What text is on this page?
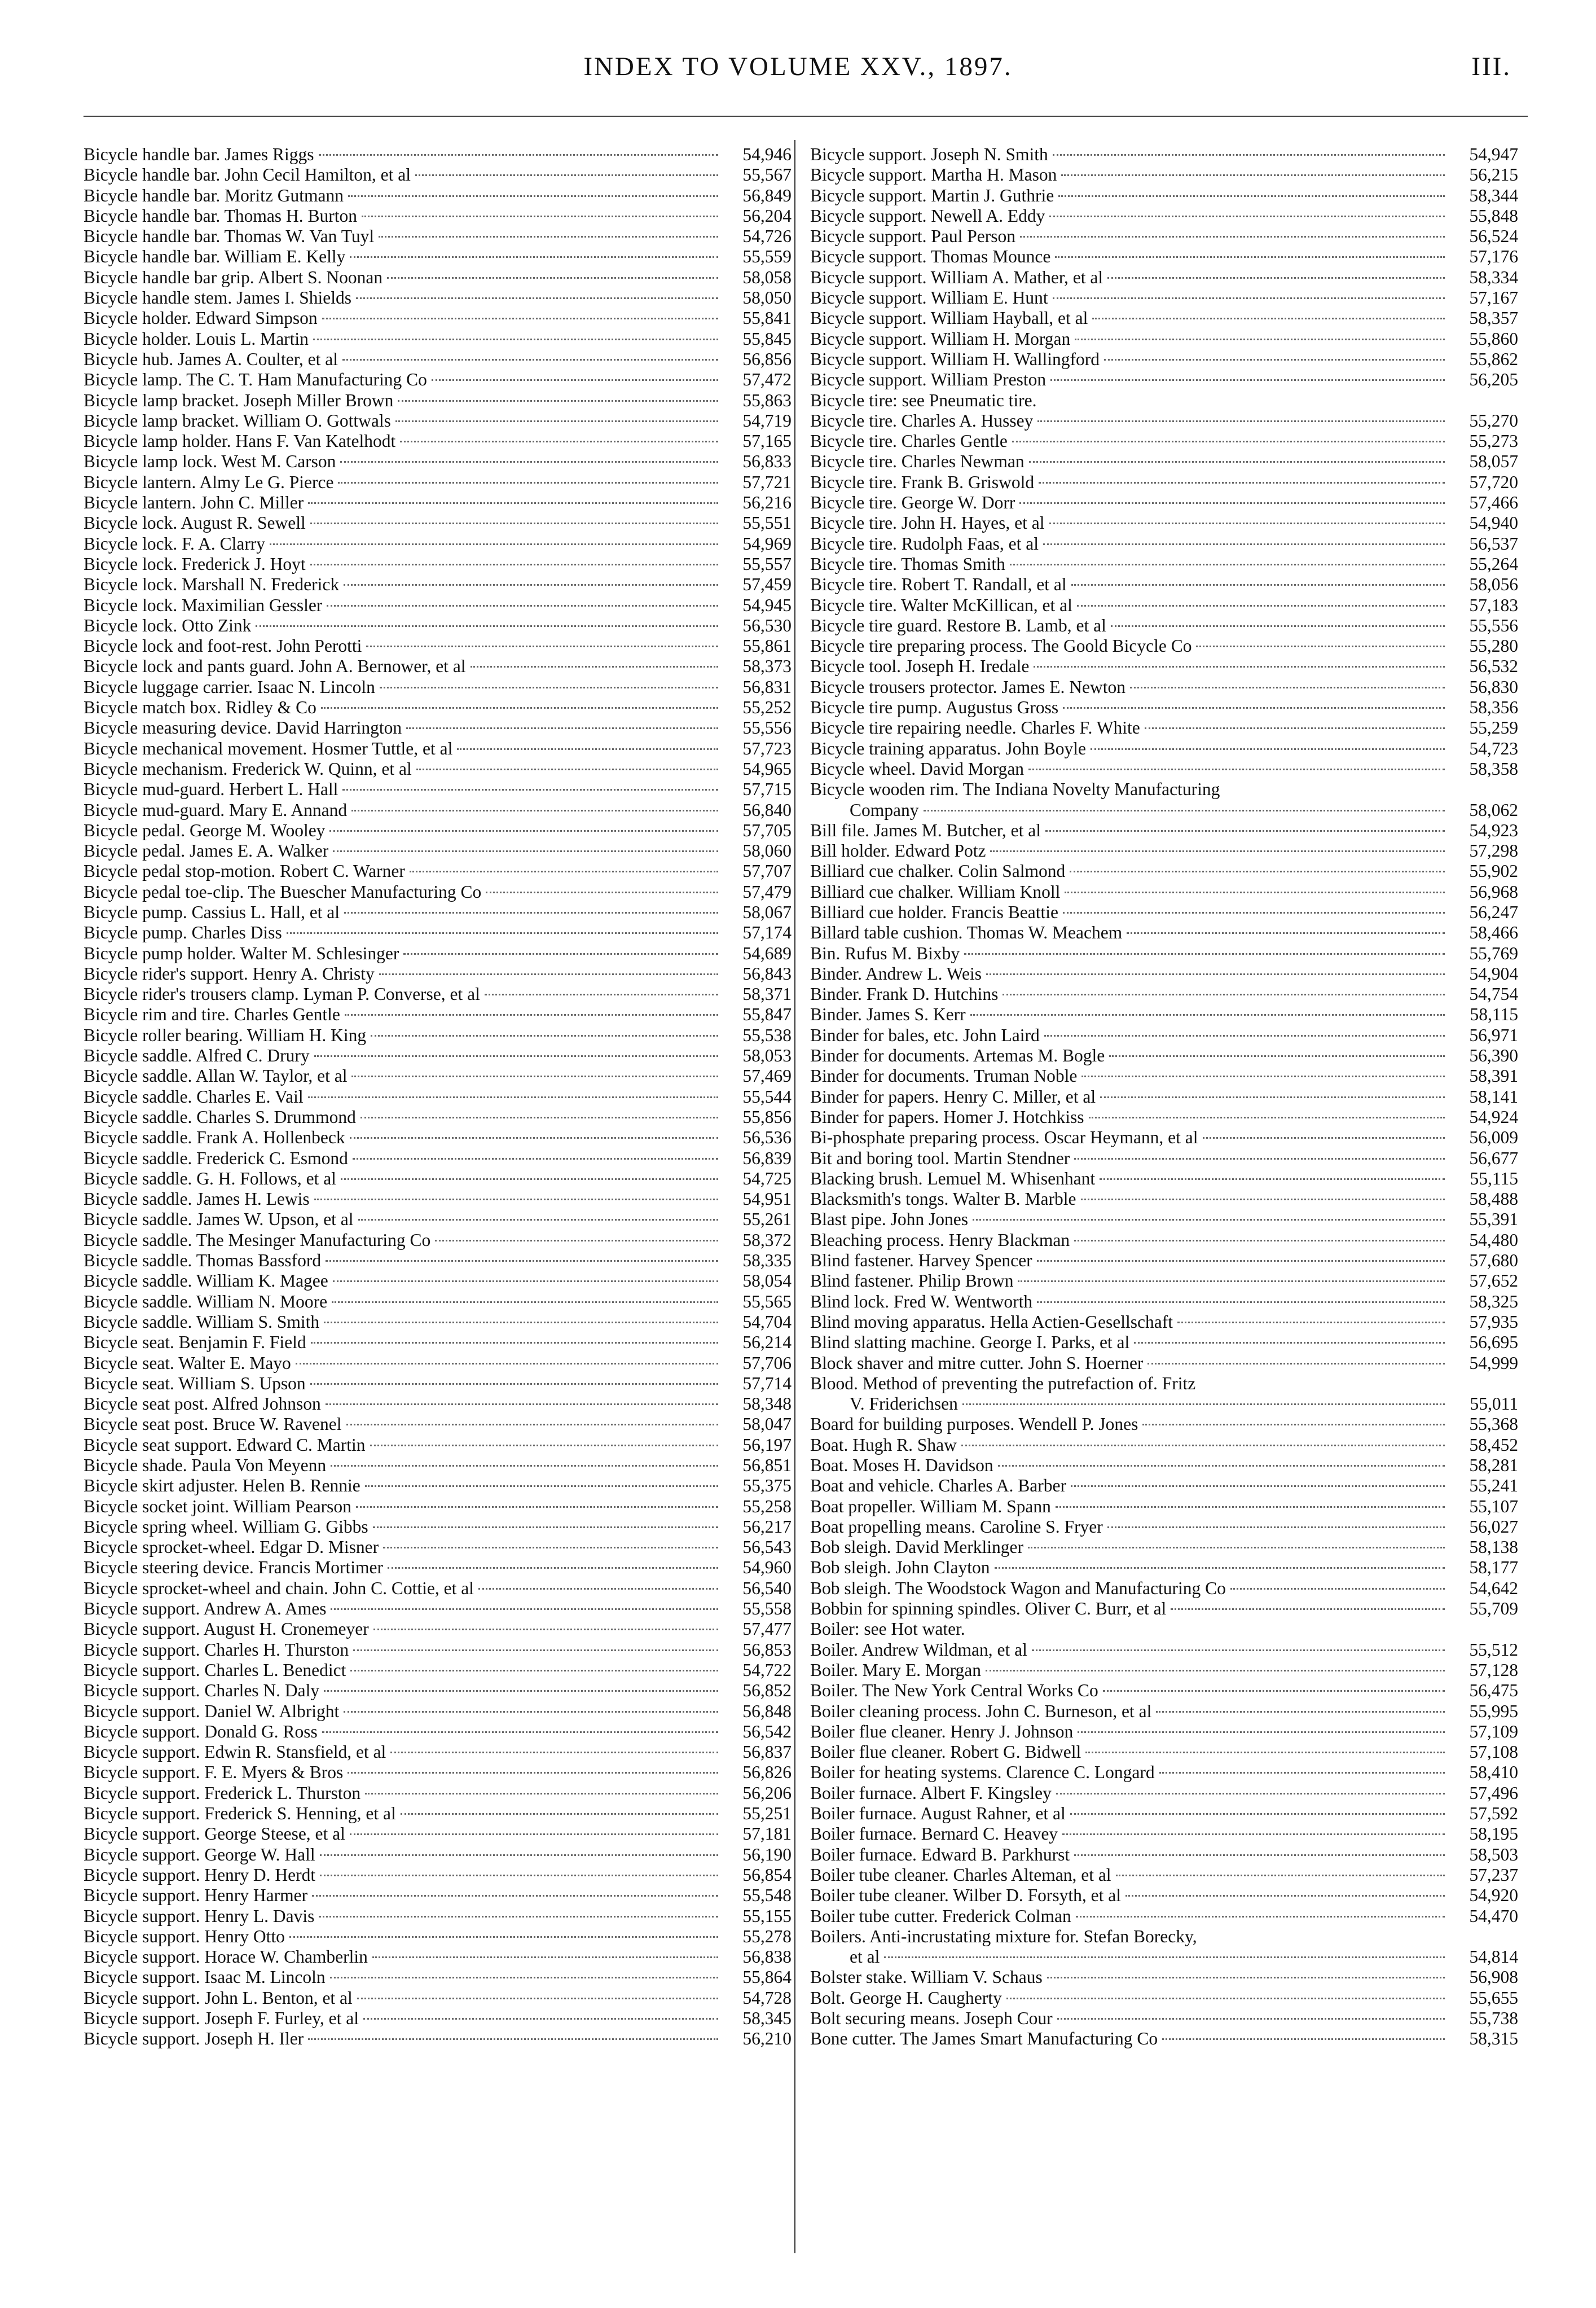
INDEX TO VOLUME XXV., 1897.	III.
Bicycle handle bar. James Riggs	54,946
Bicycle handle bar. John Cecil Hamilton, et al	55,567
Bicycle handle bar. Moritz Gutmann	56,849
Bicycle handle bar. Thomas H. Burton	56,204
Bicycle handle bar. Thomas W. Van Tuyl	54,726
Bicycle handle bar. William E. Kelly	55,559
Bicycle handle bar grip. Albert S. Noonan	58,058
Bicycle handle stem. James I. Shields	58,050
Bicycle holder. Edward Simpson	55,841
Bicycle holder. Louis L. Martin	55,845
Bicycle hub. James A. Coulter, et al	56,856
Bicycle lamp. The C. T. Ham Manufacturing Co	57,472
Bicycle lamp bracket. Joseph Miller Brown	55,863
Bicycle lamp bracket. William O. Gottwals	54,719
Bicycle lamp holder. Hans F. Van Katelhodt	57,165
Bicycle lamp lock. West M. Carson	56,833
Bicycle lantern. Almy Le G. Pierce	57,721
Bicycle lantern. John C. Miller	56,216
Bicycle lock. August R. Sewell	55,551
Bicycle lock. F. A. Clarry	54,969
Bicycle lock. Frederick J. Hoyt	55,557
Bicycle lock. Marshall N. Frederick	57,459
Bicycle lock. Maximilian Gessler	54,945
Bicycle lock. Otto Zink	56,530
Bicycle lock and foot-rest. John Perotti	55,861
Bicycle lock and pants guard. John A. Bernower, et al	58,373
Bicycle luggage carrier. Isaac N. Lincoln	56,831
Bicycle match box. Ridley & Co	55,252
Bicycle measuring device. David Harrington	55,556
Bicycle mechanical movement. Hosmer Tuttle, et al	57,723
Bicycle mechanism. Frederick W. Quinn, et al	54,965
Bicycle mud-guard. Herbert L. Hall	57,715
Bicycle mud-guard. Mary E. Annand	56,840
Bicycle pedal. George M. Wooley	57,705
Bicycle pedal. James E. A. Walker	58,060
Bicycle pedal stop-motion. Robert C. Warner	57,707
Bicycle pedal toe-clip. The Buescher Manufacturing Co	57,479
Bicycle pump. Cassius L. Hall, et al	58,067
Bicycle pump. Charles Diss	57,174
Bicycle pump holder. Walter M. Schlesinger	54,689
Bicycle rider's support. Henry A. Christy	56,843
Bicycle rider's trousers clamp. Lyman P. Converse, et al	58,371
Bicycle rim and tire. Charles Gentle	55,847
Bicycle roller bearing. William H. King	55,538
Bicycle saddle. Alfred C. Drury	58,053
Bicycle saddle. Allan W. Taylor, et al	57,469
Bicycle saddle. Charles E. Vail	55,544
Bicycle saddle. Charles S. Drummond	55,856
Bicycle saddle. Frank A. Hollenbeck	56,536
Bicycle saddle. Frederick C. Esmond	56,839
Bicycle saddle. G. H. Follows, et al	54,725
Bicycle saddle. James H. Lewis	54,951
Bicycle saddle. James W. Upson, et al	55,261
Bicycle saddle. The Mesinger Manufacturing Co	58,372
Bicycle saddle. Thomas Bassford	58,335
Bicycle saddle. William K. Magee	58,054
Bicycle saddle. William N. Moore	55,565
Bicycle saddle. William S. Smith	54,704
Bicycle seat. Benjamin F. Field	56,214
Bicycle seat. Walter E. Mayo	57,706
Bicycle seat. William S. Upson	57,714
Bicycle seat post. Alfred Johnson	58,348
Bicycle seat post. Bruce W. Ravenel	58,047
Bicycle seat support. Edward C. Martin	56,197
Bicycle shade. Paula Von Meyenn	56,851
Bicycle skirt adjuster. Helen B. Rennie	55,375
Bicycle socket joint. William Pearson	55,258
Bicycle spring wheel. William G. Gibbs	56,217
Bicycle sprocket-wheel. Edgar D. Misner	56,543
Bicycle steering device. Francis Mortimer	54,960
Bicycle sprocket-wheel and chain. John C. Cottie, et al	56,540
Bicycle support. Andrew A. Ames	55,558
Bicycle support. August H. Cronemeyer	57,477
Bicycle support. Charles H. Thurston	56,853
Bicycle support. Charles L. Benedict	54,722
Bicycle support. Charles N. Daly	56,852
Bicycle support. Daniel W. Albright	56,848
Bicycle support. Donald G. Ross	56,542
Bicycle support. Edwin R. Stansfield, et al	56,837
Bicycle support. F. E. Myers & Bros	56,826
Bicycle support. Frederick L. Thurston	56,206
Bicycle support. Frederick S. Henning, et al	55,251
Bicycle support. George Steese, et al	57,181
Bicycle support. George W. Hall	56,190
Bicycle support. Henry D. Herdt	56,854
Bicycle support. Henry Harmer	55,548
Bicycle support. Henry L. Davis	55,155
Bicycle support. Henry Otto	55,278
Bicycle support. Horace W. Chamberlin	56,838
Bicycle support. Isaac M. Lincoln	55,864
Bicycle support. John L. Benton, et al	54,728
Bicycle support. Joseph F. Furley, et al	58,345
Bicycle support. Joseph H. Iler	56,210
Bicycle support. Joseph N. Smith	54,947
Bicycle support. Martha H. Mason	56,215
Bicycle support. Martin J. Guthrie	58,344
Bicycle support. Newell A. Eddy	55,848
Bicycle support. Paul Person	56,524
Bicycle support. Thomas Mounce	57,176
Bicycle support. William A. Mather, et al	58,334
Bicycle support. William E. Hunt	57,167
Bicycle support. William Hayball, et al	58,357
Bicycle support. William H. Morgan	55,860
Bicycle support. William H. Wallingford	55,862
Bicycle support. William Preston	56,205
Bicycle tire: see Pneumatic tire.
Bicycle tire. Charles A. Hussey	55,270
Bicycle tire. Charles Gentle	55,273
Bicycle tire. Charles Newman	58,057
Bicycle tire. Frank B. Griswold	57,720
Bicycle tire. George W. Dorr	57,466
Bicycle tire. John H. Hayes, et al	54,940
Bicycle tire. Rudolph Faas, et al	56,537
Bicycle tire. Thomas Smith	55,264
Bicycle tire. Robert T. Randall, et al	58,056
Bicycle tire. Walter McKillican, et al	57,183
Bicycle tire guard. Restore B. Lamb, et al	55,556
Bicycle tire preparing process. The Goold Bicycle Co	55,280
Bicycle tool. Joseph H. Iredale	56,532
Bicycle trousers protector. James E. Newton	56,830
Bicycle tire pump. Augustus Gross	58,356
Bicycle tire repairing needle. Charles F. White	55,259
Bicycle training apparatus. John Boyle	54,723
Bicycle wheel. David Morgan	58,358
Bicycle wooden rim. The Indiana Novelty Manufacturing
Company	58,062
Bill file. James M. Butcher, et al	54,923
Bill holder. Edward Potz	57,298
Billiard cue chalker. Colin Salmond	55,902
Billiard cue chalker. William Knoll	56,968
Billiard cue holder. Francis Beattie	56,247
Billard table cushion. Thomas W. Meachem	58,466
Bin. Rufus M. Bixby	55,769
Binder. Andrew L. Weis	54,904
Binder. Frank D. Hutchins	54,754
Binder. James S. Kerr	58,115
Binder for bales, etc. John Laird	56,971
Binder for documents. Artemas M. Bogle	56,390
Binder for documents. Truman Noble	58,391
Binder for papers. Henry C. Miller, et al	58,141
Binder for papers. Homer J. Hotchkiss	54,924
Bi-phosphate preparing process. Oscar Heymann, et al	56,009
Bit and boring tool. Martin Stendner	56,677
Blacking brush. Lemuel M. Whisenhant	55,115
Blacksmith's tongs. Walter B. Marble	58,488
Blast pipe. John Jones	55,391
Bleaching process. Henry Blackman	54,480
Blind fastener. Harvey Spencer	57,680
Blind fastener. Philip Brown	57,652
Blind lock. Fred W. Wentworth	58,325
Blind moving apparatus. Hella Actien-Gesellschaft	57,935
Blind slatting machine. George I. Parks, et al	56,695
Block shaver and mitre cutter. John S. Hoerner	54,999
Blood. Method of preventing the putrefaction of. Fritz
V. Friderichsen	55,011
Board for building purposes. Wendell P. Jones	55,368
Boat. Hugh R. Shaw	58,452
Boat. Moses H. Davidson	58,281
Boat and vehicle. Charles A. Barber	55,241
Boat propeller. William M. Spann	55,107
Boat propelling means. Caroline S. Fryer	56,027
Bob sleigh. David Merklinger	58,138
Bob sleigh. John Clayton	58,177
Bob sleigh. The Woodstock Wagon and Manufacturing Co	54,642
Bobbin for spinning spindles. Oliver C. Burr, et al	55,709
Boiler: see Hot water.
Boiler. Andrew Wildman, et al	55,512
Boiler. Mary E. Morgan	57,128
Boiler. The New York Central Works Co	56,475
Boiler cleaning process. John C. Burneson, et al	55,995
Boiler flue cleaner. Henry J. Johnson	57,109
Boiler flue cleaner. Robert G. Bidwell	57,108
Boiler for heating systems. Clarence C. Longard	58,410
Boiler furnace. Albert F. Kingsley	57,496
Boiler furnace. August Rahner, et al	57,592
Boiler furnace. Bernard C. Heavey	58,195
Boiler furnace. Edward B. Parkhurst	58,503
Boiler tube cleaner. Charles Alteman, et al	57,237
Boiler tube cleaner. Wilber D. Forsyth, et al	54,920
Boiler tube cutter. Frederick Colman	54,470
Boilers. Anti-incrustating mixture for. Stefan Borecky,
et al	54,814
Bolster stake. William V. Schaus	56,908
Bolt. George H. Caugherty	55,655
Bolt securing means. Joseph Cour	55,738
Bone cutter. The James Smart Manufacturing Co	58,315
